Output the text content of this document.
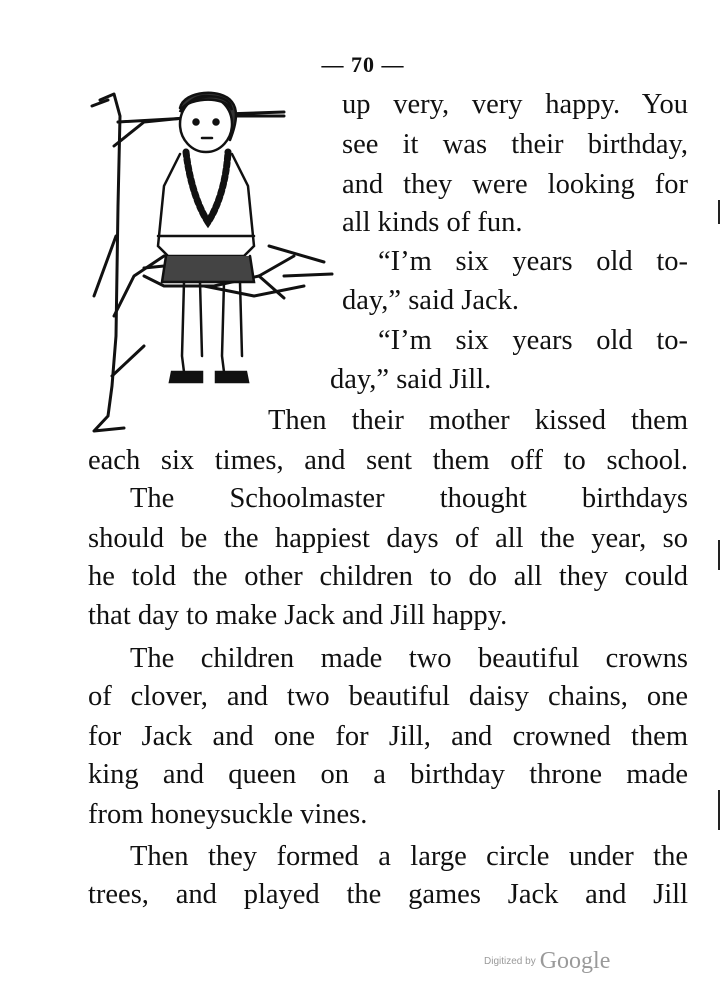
— 70 —
up very, very happy. You
see it was their birthday,
and they were looking for
all kinds of fun.
“I’m six years old to-
day,” said Jack.
“I’m six years old to-
day,” said Jill.
Then their mother kissed them
each six times, and sent them off to school.
The Schoolmaster thought birthdays
should be the happiest days of all the year, so
he told the other children to do all they could
that day to make Jack and Jill happy.
The children made two beautiful crowns
of clover, and two beautiful daisy chains, one
for Jack and one for Jill, and crowned them
king and queen on a birthday throne made
from honeysuckle vines.
Then they formed a large circle under the
trees, and played the games Jack and Jill
Digitized by Google
